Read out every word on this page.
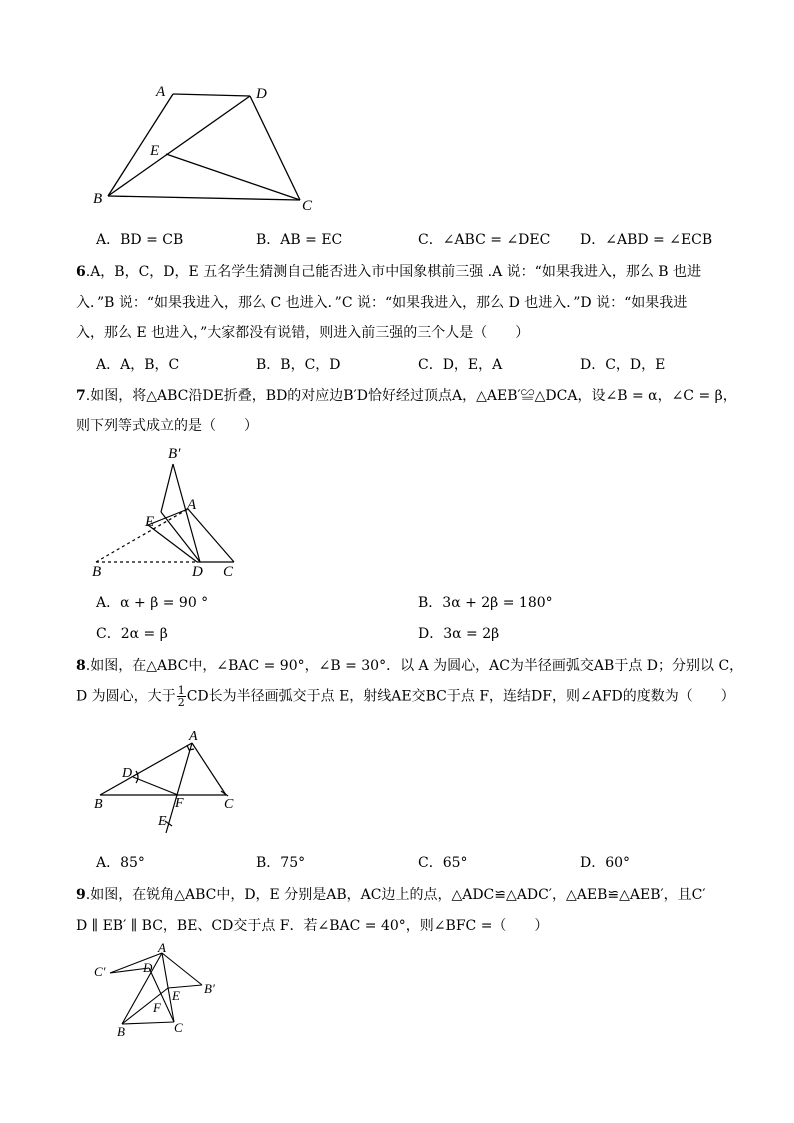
A	D
E
B	C
A．BD = CB	B．AB = EC	C．∠ABC = ∠DEC D．∠ABD = ∠ECB
6.A，B，C，D，E 五名学生猜测自己能否进入市中国象棋前三强 .A 说：“如果我进入，那么 B 也进
入．”B 说：“如果我进入，那么 C 也进入．”C 说：“如果我进入，那么 D 也进入．”D 说：“如果我进
入，那么 E 也进入，”大家都没有说错，则进入前三强的三个人是（　　）
A．A，B，C	B．B，C，D	C．D，E，A	D．C，D，E
7.如图，将△ABC沿DE折叠，BD的对应边B′D恰好经过顶点A，△AEB′≌△DCA，设∠B = α，∠C = β，
则下列等式成立的是（　　）
B′
A
E
B	D C
A．α + β = 90 °	B．3α + 2β = 180°
C．2α = β	D．3α = 2β
8.如图，在△ABC中，∠BAC = 90°，∠B = 30°．以 A 为圆心，AC为半径画弧交AB于点 D；分别以 C，
D 为圆心，大于 $\frac{1}{2}$ CD长为半径画弧交于点 E，射线AE交BC于点 F，连结DF，则∠AFD的度数为（　　）
A
D
B	F	C
E
A．85°	B．75°	C．65°	D．60°
9.如图，在锐角△ABC中，D，E 分别是AB，AC边上的点，△ADC≌△ADC′，△AEB≌△AEB′，且C′
D ∥ EB′ ∥ BC，BE、CD交于点 F．若∠BAC = 40°，则∠BFC =（　　）
A
C′	D
E B′
F
B	C
